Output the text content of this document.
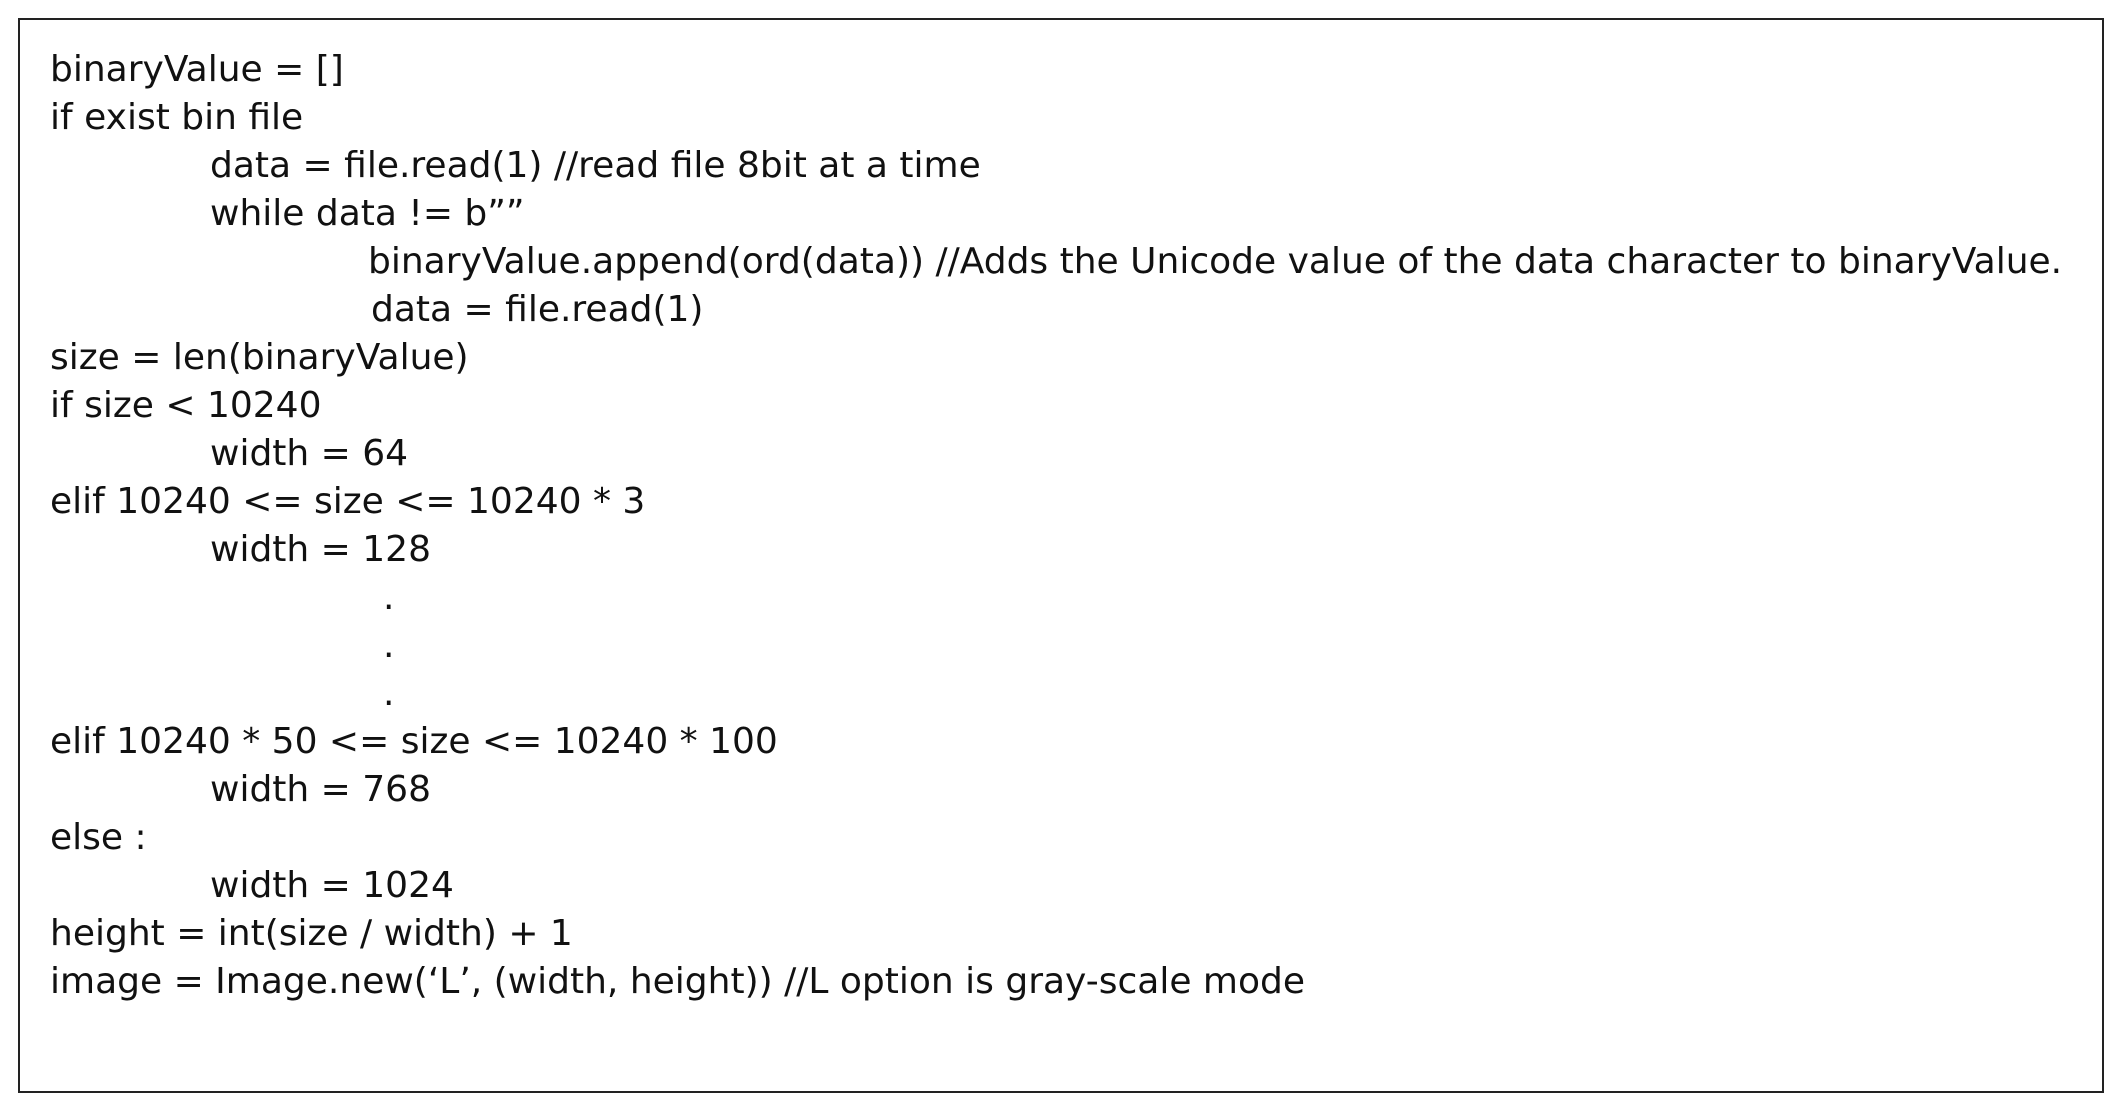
binaryValue = []
if exist bin file
data = file.read(1) //read file 8bit at a time
while data != b””
binaryValue.append(ord(data)) //Adds the Unicode value of the data character to binaryValue.
data = file.read(1)
size = len(binaryValue)
if size < 10240
width = 64
elif 10240 <= size <= 10240 * 3
width = 128
.
.
.
elif 10240 * 50 <= size <= 10240 * 100
width = 768
else :
width = 1024
height = int(size / width) + 1
image = Image.new(‘L’, (width, height)) //L option is gray-scale mode
